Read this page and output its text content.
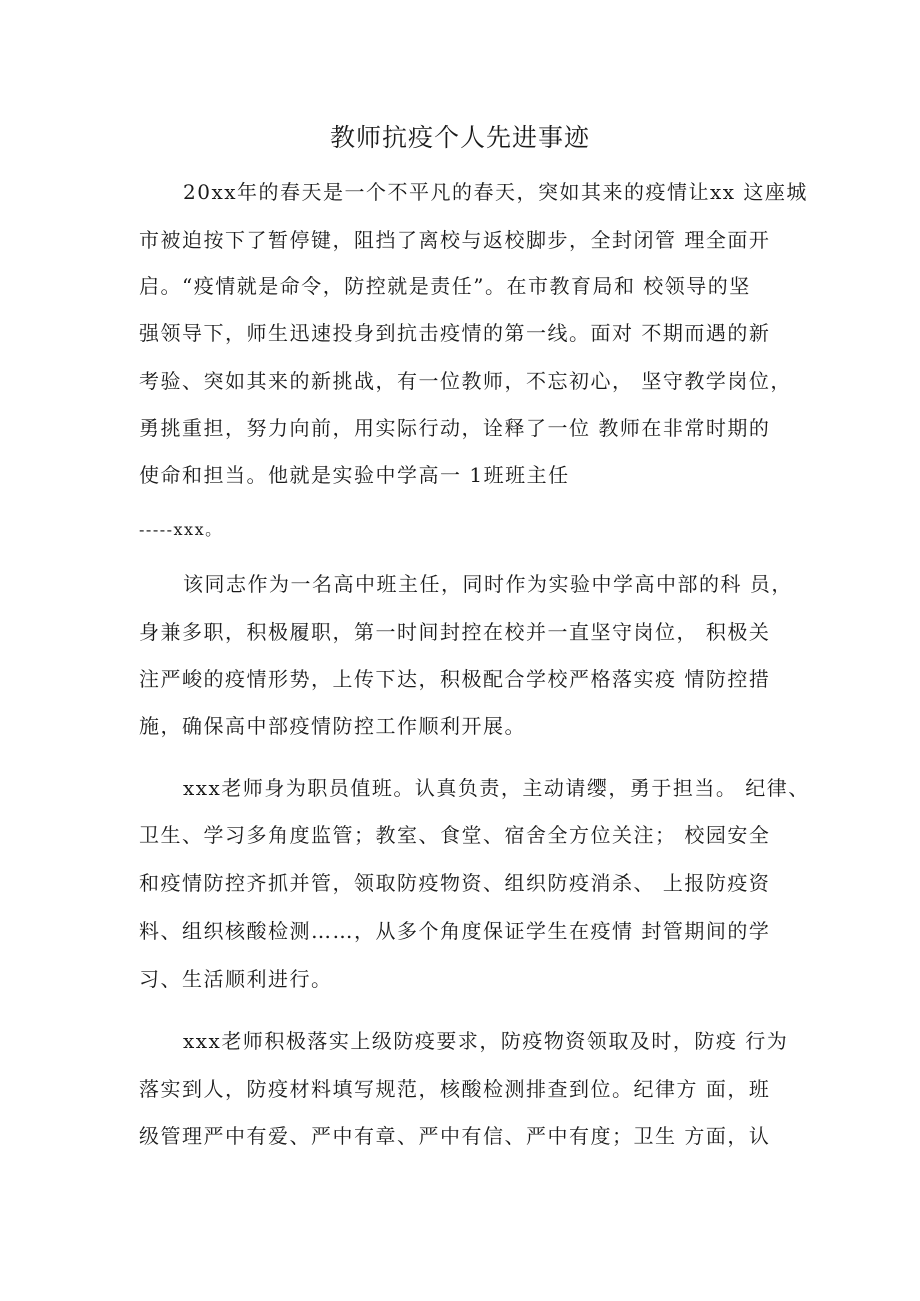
教师抗疫个人先进事迹
20xx年的春天是一个不平凡的春天，突如其来的疫情让xx 这座城
市被迫按下了暂停键，阻挡了离校与返校脚步，全封闭管 理全面开
启。“疫情就是命令，防控就是责任”。在市教育局和 校领导的坚
强领导下，师生迅速投身到抗击疫情的第一线。面对 不期而遇的新
考验、突如其来的新挑战，有一位教师，不忘初心， 坚守教学岗位，
勇挑重担，努力向前，用实际行动，诠释了一位 教师在非常时期的
使命和担当。他就是实验中学高一 1班班主任
-----xxx。
该同志作为一名高中班主任，同时作为实验中学高中部的科 员，
身兼多职，积极履职，第一时间封控在校并一直坚守岗位， 积极关
注严峻的疫情形势，上传下达，积极配合学校严格落实疫 情防控措
施，确保高中部疫情防控工作顺利开展。
xxx老师身为职员值班。认真负责，主动请缨，勇于担当。 纪律、
卫生、学习多角度监管；教室、食堂、宿舍全方位关注； 校园安全
和疫情防控齐抓并管，领取防疫物资、组织防疫消杀、 上报防疫资
料、组织核酸检测……，从多个角度保证学生在疫情 封管期间的学
习、生活顺利进行。
xxx老师积极落实上级防疫要求，防疫物资领取及时，防疫 行为
落实到人，防疫材料填写规范，核酸检测排查到位。纪律方 面，班
级管理严中有爱、严中有章、严中有信、严中有度；卫生 方面，认
